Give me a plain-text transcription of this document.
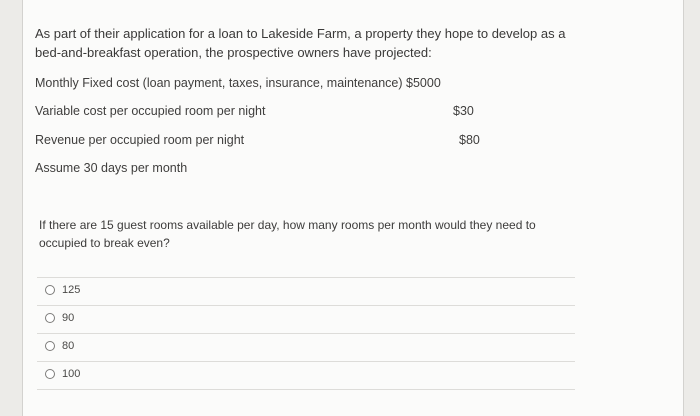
As part of their application for a loan to Lakeside Farm, a property they hope to develop as a bed-and-breakfast operation, the prospective owners have projected:
Monthly Fixed cost (loan payment, taxes, insurance, maintenance) $5000
Variable cost per occupied room per night	$30
Revenue per occupied room per night	$80
Assume 30 days per month
If there are 15 guest rooms available per day, how many rooms per month would they need to occupied to break even?
125
90
80
100
